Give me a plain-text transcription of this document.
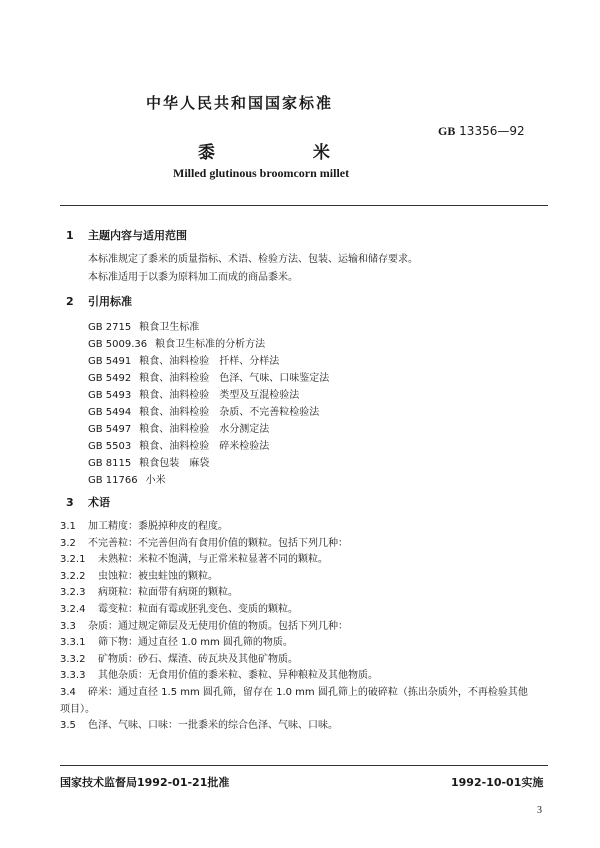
中华人民共和国国家标准
GB 13356—92
黍 米
Milled glutinous broomcorn millet
1 主题内容与适用范围
本标准规定了黍米的质量指标、术语、检验方法、包装、运输和储存要求。
本标准适用于以黍为原料加工而成的商品黍米。
2 引用标准
GB 2715 粮食卫生标准
GB 5009.36 粮食卫生标准的分析方法
GB 5491 粮食、油料检验　扦样、分样法
GB 5492 粮食、油料检验　色泽、气味、口味鉴定法
GB 5493 粮食、油料检验　类型及互混检验法
GB 5494 粮食、油料检验　杂质、不完善粒检验法
GB 5497 粮食、油料检验　水分测定法
GB 5503 粮食、油料检验　碎米检验法
GB 8115 粮食包装　麻袋
GB 11766 小米
3 术语
3.1 加工精度：黍脱掉种皮的程度。
3.2 不完善粒：不完善但尚有食用价值的颗粒。包括下列几种：
3.2.1 未熟粒：米粒不饱满，与正常米粒显著不同的颗粒。
3.2.2 虫蚀粒：被虫蛀蚀的颗粒。
3.2.3 病斑粒：粒面带有病斑的颗粒。
3.2.4 霉变粒：粒面有霉或胚乳变色、变质的颗粒。
3.3 杂质：通过规定筛层及无使用价值的物质。包括下列几种：
3.3.1 筛下物：通过直径 1.0 mm 圆孔筛的物质。
3.3.2 矿物质：砂石、煤渣、砖瓦块及其他矿物质。
3.3.3 其他杂质：无食用价值的黍米粒、黍粒、异种粮粒及其他物质。
3.4 碎米：通过直径 1.5 mm 圆孔筛，留存在 1.0 mm 圆孔筛上的破碎粒（拣出杂质外，不再检验其他
项目）。
3.5 色泽、气味、口味：一批黍米的综合色泽、气味、口味。
国家技术监督局1992-01-21批准	1992-10-01实施
3
